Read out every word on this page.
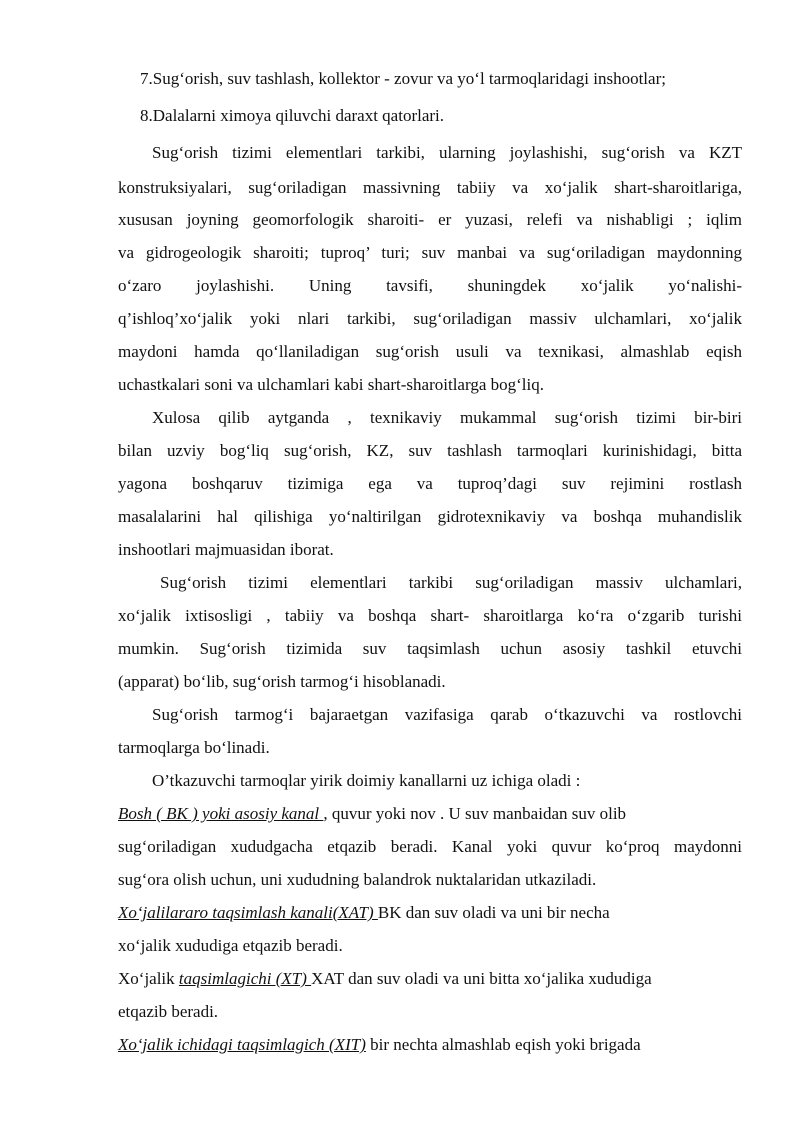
7.Sug‘orish, suv tashlash, kollektor - zovur va yo‘l tarmoqlaridagi inshootlar;
8.Dalalarni ximoya qiluvchi daraxt qatorlari.
Sug‘orish tizimi elementlari tarkibi, ularning joylashishi, sug‘orish va KZT
konstruksiyalari, sug‘oriladigan massivning tabiiy va xo‘jalik shart-sharoitlariga,
xususan joyning geomorfologik sharoiti- er yuzasi, relefi va nishabligi ; iqlim
va gidrogeologik sharoiti; tuproq’ turi; suv manbai va sug‘oriladigan maydonning
o‘zaro joylashishi. Uning tavsifi, shuningdek xo‘jalik yo‘nalishi-
q’ishloq’xo‘jalik yoki nlari tarkibi, sug‘oriladigan massiv ulchamlari, xo‘jalik
maydoni hamda qo‘llaniladigan sug‘orish usuli va texnikasi, almashlab eqish
uchastkalari soni va ulchamlari kabi shart-sharoitlarga bog‘liq.
Xulosa qilib aytganda , texnikaviy mukammal sug‘orish tizimi bir-biri
bilan uzviy bog‘liq sug‘orish, KZ, suv tashlash tarmoqlari kurinishidagi, bitta
yagona boshqaruv tizimiga ega va tuproq’dagi suv rejimini rostlash
masalalarini hal qilishiga yo‘naltirilgan gidrotexnikaviy va boshqa muhandislik
inshootlari majmuasidan iborat.
Sug‘orish tizimi elementlari tarkibi sug‘oriladigan massiv ulchamlari,
xo‘jalik ixtisosligi , tabiiy va boshqa shart- sharoitlarga ko‘ra o‘zgarib turishi
mumkin. Sug‘orish tizimida suv taqsimlash uchun asosiy tashkil etuvchi
(apparat) bo‘lib, sug‘orish tarmog‘i hisoblanadi.
Sug‘orish tarmog‘i bajaraetgan vazifasiga qarab o‘tkazuvchi va rostlovchi
tarmoqlarga bo‘linadi.
O’tkazuvchi tarmoqlar yirik doimiy kanallarni uz ichiga oladi :
Bosh ( BK ) yoki asosiy kanal , quvur yoki nov . U suv manbaidan suv olib
sug‘oriladigan xududgacha etqazib beradi. Kanal yoki quvur ko‘proq maydonni
sug‘ora olish uchun, uni xududning balandrok nuktalaridan utkaziladi.
Xo‘jalilararo taqsimlash kanali(XAT) BK dan suv oladi va uni bir necha
xo‘jalik xududiga etqazib beradi.
Xo‘jalik taqsimlagichi (XT) XAT dan suv oladi va uni bitta xo‘jalika xududiga
etqazib beradi.
Xo‘jalik ichidagi taqsimlagich (XIT) bir nechta almashlab eqish yoki brigada
